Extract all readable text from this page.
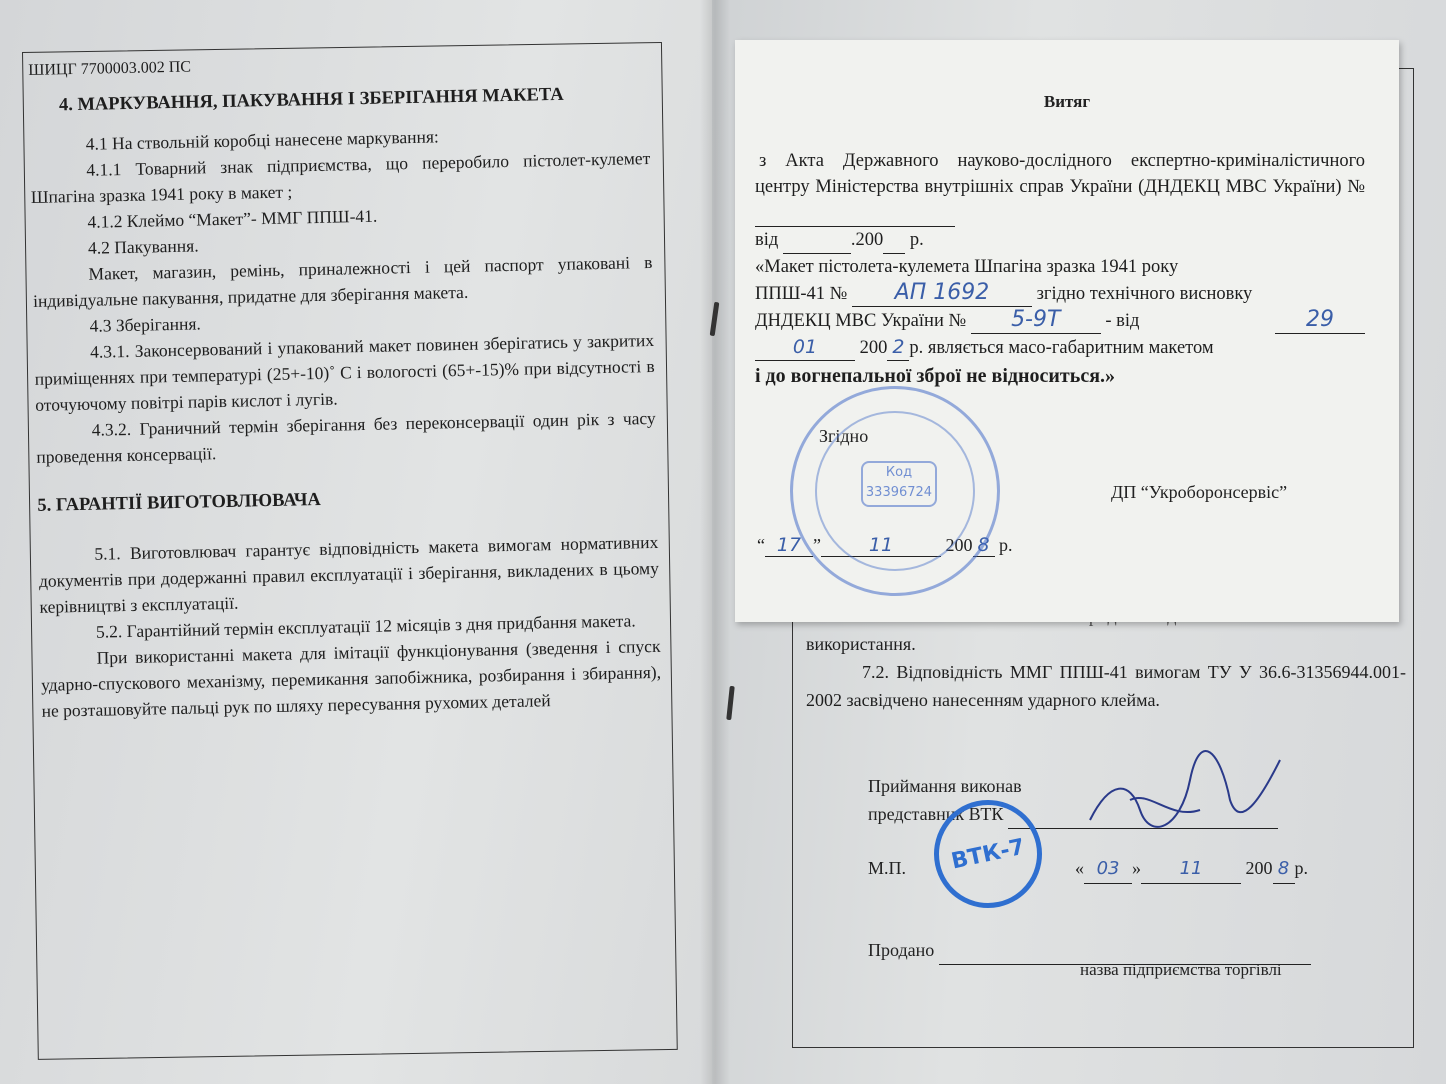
ШИЦГ 7700003.002 ПС

4. МАРКУВАННЯ, ПАКУВАННЯ І ЗБЕРІГАННЯ МАКЕТА

4.1 На ствольній коробці нанесене маркування:

4.1.1 Товарний знак підприємства, що переробило пістолет-кулемет Шпагіна зразка 1941 року в макет ;

4.1.2 Клеймо “Макет”- ММГ ППШ-41.

4.2 Пакування.

Макет, магазин, ремінь, приналежності і цей паспорт упаковані в індивідуальне пакування, придатне для зберігання макета.

4.3 Зберігання.

4.3.1. Законсервований і упакований макет повинен зберігатись у закритих приміщеннях при температурі (25+-10)˚ С і вологості (65+-15)% при відсутності в оточуючому повітрі парів кислот і лугів.

4.3.2. Граничний термін зберігання без переконсервації один рік з часу проведення консервації.

5. ГАРАНТІЇ ВИГОТОВЛЮВАЧА

5.1. Виготовлювач гарантує відповідність макета вимогам нормативних документів при додержанні правил експлуатації і зберігання, викладених в цьому керівництві з експлуатації.

5.2. Гарантійний термін експлуатації 12 місяців з дня придбання макета.

При використанні макета для імітації функціонування (зведення і спуск ударно-спускового механізму, перемикання запобіжника, розбирання і збирання), не розташовуйте пальці рук по шляху пересування рухомих деталей

використання.

7.2. Відповідність ММГ ППШ-41 вимогам ТУ У 36.6-31356944.001-2002 засвідчено нанесенням ударного клейма.

Приймання виконав
представник ВТК
М.П.	« 03 » 11 200 8 р.
ВТК-7
Продано
назва підприємства торгівлі
Витяг

з Акта Державного науково-дослідного експертно-криміналістичного центру Міністерства внутрішніх справ України (ДНДЕКЦ МВС України) №

від	.200 р.

«Макет пістолета-кулемета Шпагіна зразка 1941 року

ППШ-41 № АП 1692	згідно технічного висновку

ДНДЕКЦ МВС України № 5-9Т - від	29

01 200 2 р. являється масо-габаритним макетом

і до вогнепальної зброї не відноситься.»

Згідно
ДП “Укроборонсервіс”
“ 17 ”	11	200 8 р.
Код
33396724
